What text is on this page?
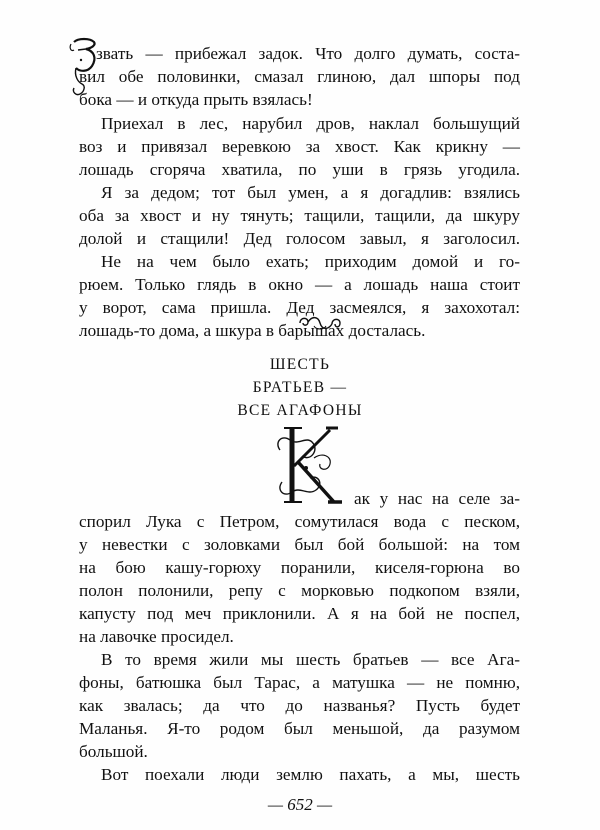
звать — прибежал задок. Что долго думать, соста-
вил обе половинки, смазал глиною, дал шпоры под
бока — и откуда прыть взялась!
Приехал в лес, нарубил дров, наклал большущий
воз и привязал веревкою за хвост. Как крикну —
лошадь сгоряча хватила, по уши в грязь угодила.
Я за дедом; тот был умен, а я догадлив: взялись
оба за хвост и ну тянуть; тащили, тащили, да шкуру
долой и стащили! Дед голосом завыл, я заголосил.
Не на чем было ехать; приходим домой и го-
рюем. Только глядь в окно — а лошадь наша стоит
у ворот, сама пришла. Дед засмеялся, я захохотал:
лошадь-то дома, а шкура в барышах досталась.
ШЕСТЬ
БРАТЬЕВ —
ВСЕ АГАФОНЫ
ак у нас на селе за-
спорил Лука с Петром, сомутилася вода с песком,
у невестки с золовками был бой большой: на том
на бою кашу-горюху поранили, киселя-горюна во
полон полонили, репу с морковью подкопом взяли,
капусту под меч приклонили. А я на бой не поспел,
на лавочке просидел.
В то время жили мы шесть братьев — все Ага-
фоны, батюшка был Тарас, а матушка — не помню,
как звалась; да что до названья? Пусть будет
Маланья. Я-то родом был меньшой, да разумом
большой.
Вот поехали люди землю пахать, а мы, шесть
— 652 —
